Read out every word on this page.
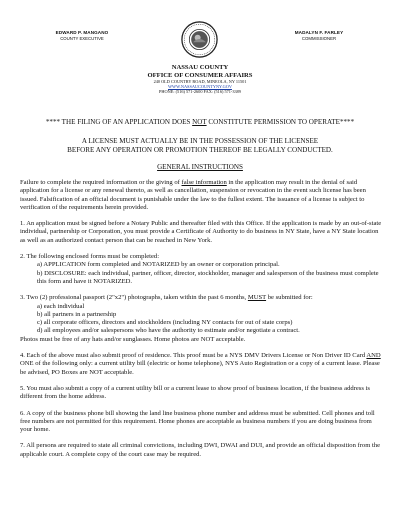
EDWARD P. MANGANO
COUNTY EXECUTIVE
MADALYN F. FARLEY
COMMISSIONER
NASSAU COUNTY
OFFICE OF CONSUMER AFFAIRS
240 OLD COUNTRY ROAD, MINEOLA, NY 11501
WWW.NASSAUCOUNTYNY.GOV
PHONE: (516) 571-2600 FAX: (516) 571-3389
**** THE FILING OF AN APPLICATION DOES NOT CONSTITUTE PERMISSION TO OPERATE****
A LICENSE MUST ACTUALLY BE IN THE POSSESSION OF THE LICENSEE
BEFORE ANY OPERATION OR PROMOTION THEREOF BE LEGALLY CONDUCTED.
GENERAL INSTRUCTIONS

Failure to complete the required information or the giving of false information in the application may result in the denial of said application for a license or any renewal thereto, as well as cancellation, suspension or revocation in the event such license has been issued. Falsification of an official document is punishable under the law to the fullest extent. The issuance of a license is subject to verification of the requirements herein provided.

1. An application must be signed before a Notary Public and thereafter filed with this Office. If the application is made by an out-of-state individual, partnership or Corporation, you must provide a Certificate of Authority to do business in NY State, have a NY State location as well as an authorized contact person that can be reached in New York.

2. The following enclosed forms must be completed:
a) APPLICATION form completed and NOTARIZED by an owner or corporation principal.
b) DISCLOSURE: each individual, partner, officer, director, stockholder, manager and salesperson of the business must complete this form and have it NOTARIZED.

3. Two (2) professional passport (2"x2") photographs, taken within the past 6 months, MUST be submitted for:
a) each individual
b) all partners in a partnership
c) all corporate officers, directors and stockholders (including NY contacts for out of state corps)
d) all employees and/or salespersons who have the authority to estimate and/or negotiate a contract.
Photos must be free of any hats and/or sunglasses. Home photos are NOT acceptable.

4. Each of the above must also submit proof of residence. This proof must be a NYS DMV Drivers License or Non Driver ID Card AND ONE of the following only: a current utility bill (electric or home telephone), NYS Auto Registration or a copy of a current lease. Please be advised, PO Boxes are NOT acceptable.

5. You must also submit a copy of a current utility bill or a current lease to show proof of business location, if the business address is different from the home address.

6. A copy of the business phone bill showing the land line business phone number and address must be submitted. Cell phones and toll free numbers are not permitted for this requirement. Home phones are acceptable as business numbers if you are doing business from your home.

7. All persons are required to state all criminal convictions, including DWI, DWAI and DUI, and provide an official disposition from the applicable court. A complete copy of the court case may be required.
